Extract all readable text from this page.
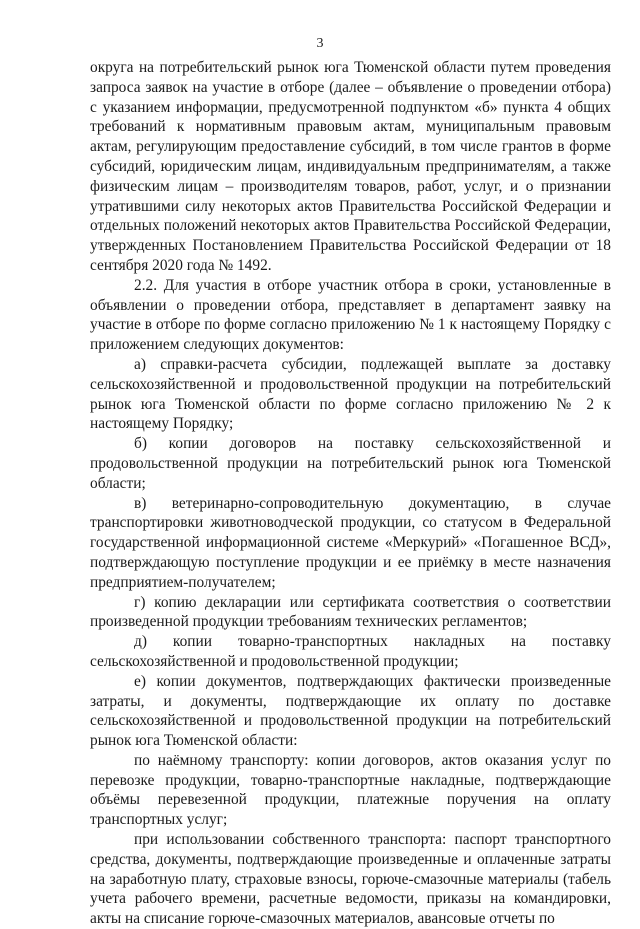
3

округа на потребительский рынок юга Тюменской области путем проведения запроса заявок на участие в отборе (далее – объявление о проведении отбора) с указанием информации, предусмотренной подпунктом «б» пункта 4 общих требований к нормативным правовым актам, муниципальным правовым актам, регулирующим предоставление субсидий, в том числе грантов в форме субсидий, юридическим лицам, индивидуальным предпринимателям, а также физическим лицам – производителям товаров, работ, услуг, и о признании утратившими силу некоторых актов Правительства Российской Федерации и отдельных положений некоторых актов Правительства Российской Федерации, утвержденных Постановлением Правительства Российской Федерации от 18 сентября 2020 года № 1492.

2.2. Для участия в отборе участник отбора в сроки, установленные в объявлении о проведении отбора, представляет в департамент заявку на участие в отборе по форме согласно приложению № 1 к настоящему Порядку с приложением следующих документов:

а) справки-расчета субсидии, подлежащей выплате за доставку сельскохозяйственной и продовольственной продукции на потребительский рынок юга Тюменской области по форме согласно приложению № 2 к настоящему Порядку;

б) копии договоров на поставку сельскохозяйственной и продовольственной продукции на потребительский рынок юга Тюменской области;

в) ветеринарно-сопроводительную документацию, в случае транспортировки животноводческой продукции, со статусом в Федеральной государственной информационной системе «Меркурий» «Погашенное ВСД», подтверждающую поступление продукции и ее приёмку в месте назначения предприятием-получателем;

г) копию декларации или сертификата соответствия о соответствии произведенной продукции требованиям технических регламентов;

д) копии товарно-транспортных накладных на поставку сельскохозяйственной и продовольственной продукции;

е) копии документов, подтверждающих фактически произведенные затраты, и документы, подтверждающие их оплату по доставке сельскохозяйственной и продовольственной продукции на потребительский рынок юга Тюменской области:

по наёмному транспорту: копии договоров, актов оказания услуг по перевозке продукции, товарно-транспортные накладные, подтверждающие объёмы перевезенной продукции, платежные поручения на оплату транспортных услуг;

при использовании собственного транспорта: паспорт транспортного средства, документы, подтверждающие произведенные и оплаченные затраты на заработную плату, страховые взносы, горюче-смазочные материалы (табель учета рабочего времени, расчетные ведомости, приказы на командировки, акты на списание горюче-смазочных материалов, авансовые отчеты по
